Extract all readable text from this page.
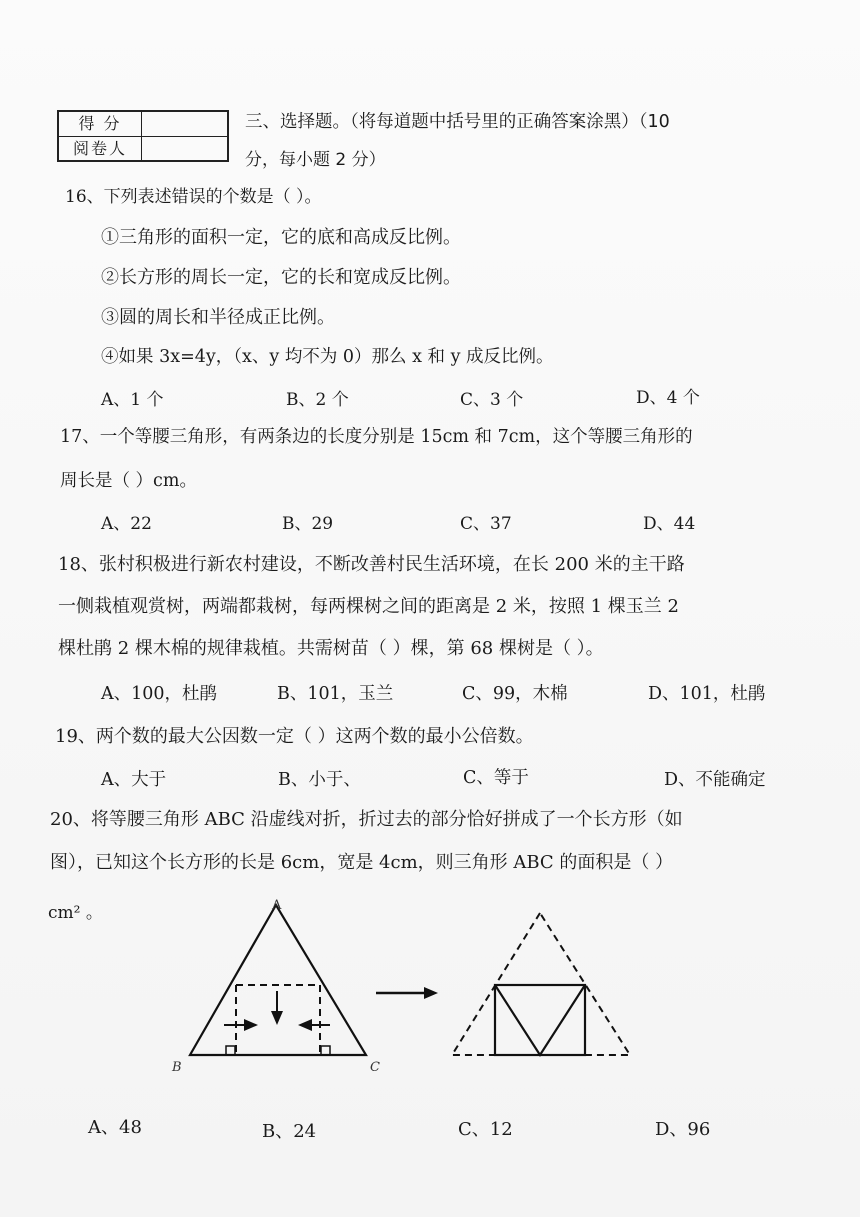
得 分
阅卷人
三、选择题。（将每道题中括号里的正确答案涂黑）（10
分，每小题 2 分）
16、下列表述错误的个数是（ ）。
①三角形的面积一定，它的底和高成反比例。
②长方形的周长一定，它的长和宽成反比例。
③圆的周长和半径成正比例。
④如果 3x=4y，（x、y 均不为 0）那么 x 和 y 成反比例。
A、1 个	B、2 个	C、3 个	D、4 个
17、一个等腰三角形，有两条边的长度分别是 15cm 和 7cm，这个等腰三角形的
周长是（ ）cm。
A、22	B、29	C、37	D、44
18、张村积极进行新农村建设，不断改善村民生活环境，在长 200 米的主干路
一侧栽植观赏树，两端都栽树，每两棵树之间的距离是 2 米，按照 1 棵玉兰 2
棵杜鹃 2 棵木棉的规律栽植。共需树苗（ ）棵，第 68 棵树是（ ）。
A、100，杜鹃	B、101，玉兰	C、99，木棉	D、101，杜鹃
19、两个数的最大公因数一定（ ）这两个数的最小公倍数。
A、大于	B、小于、	C、等于	D、不能确定
20、将等腰三角形 ABC 沿虚线对折，折过去的部分恰好拼成了一个长方形（如
图），已知这个长方形的长是 6cm，宽是 4cm，则三角形 ABC 的面积是（ ）
cm² 。	A
B	C
A、48	B、24	C、12	D、96
